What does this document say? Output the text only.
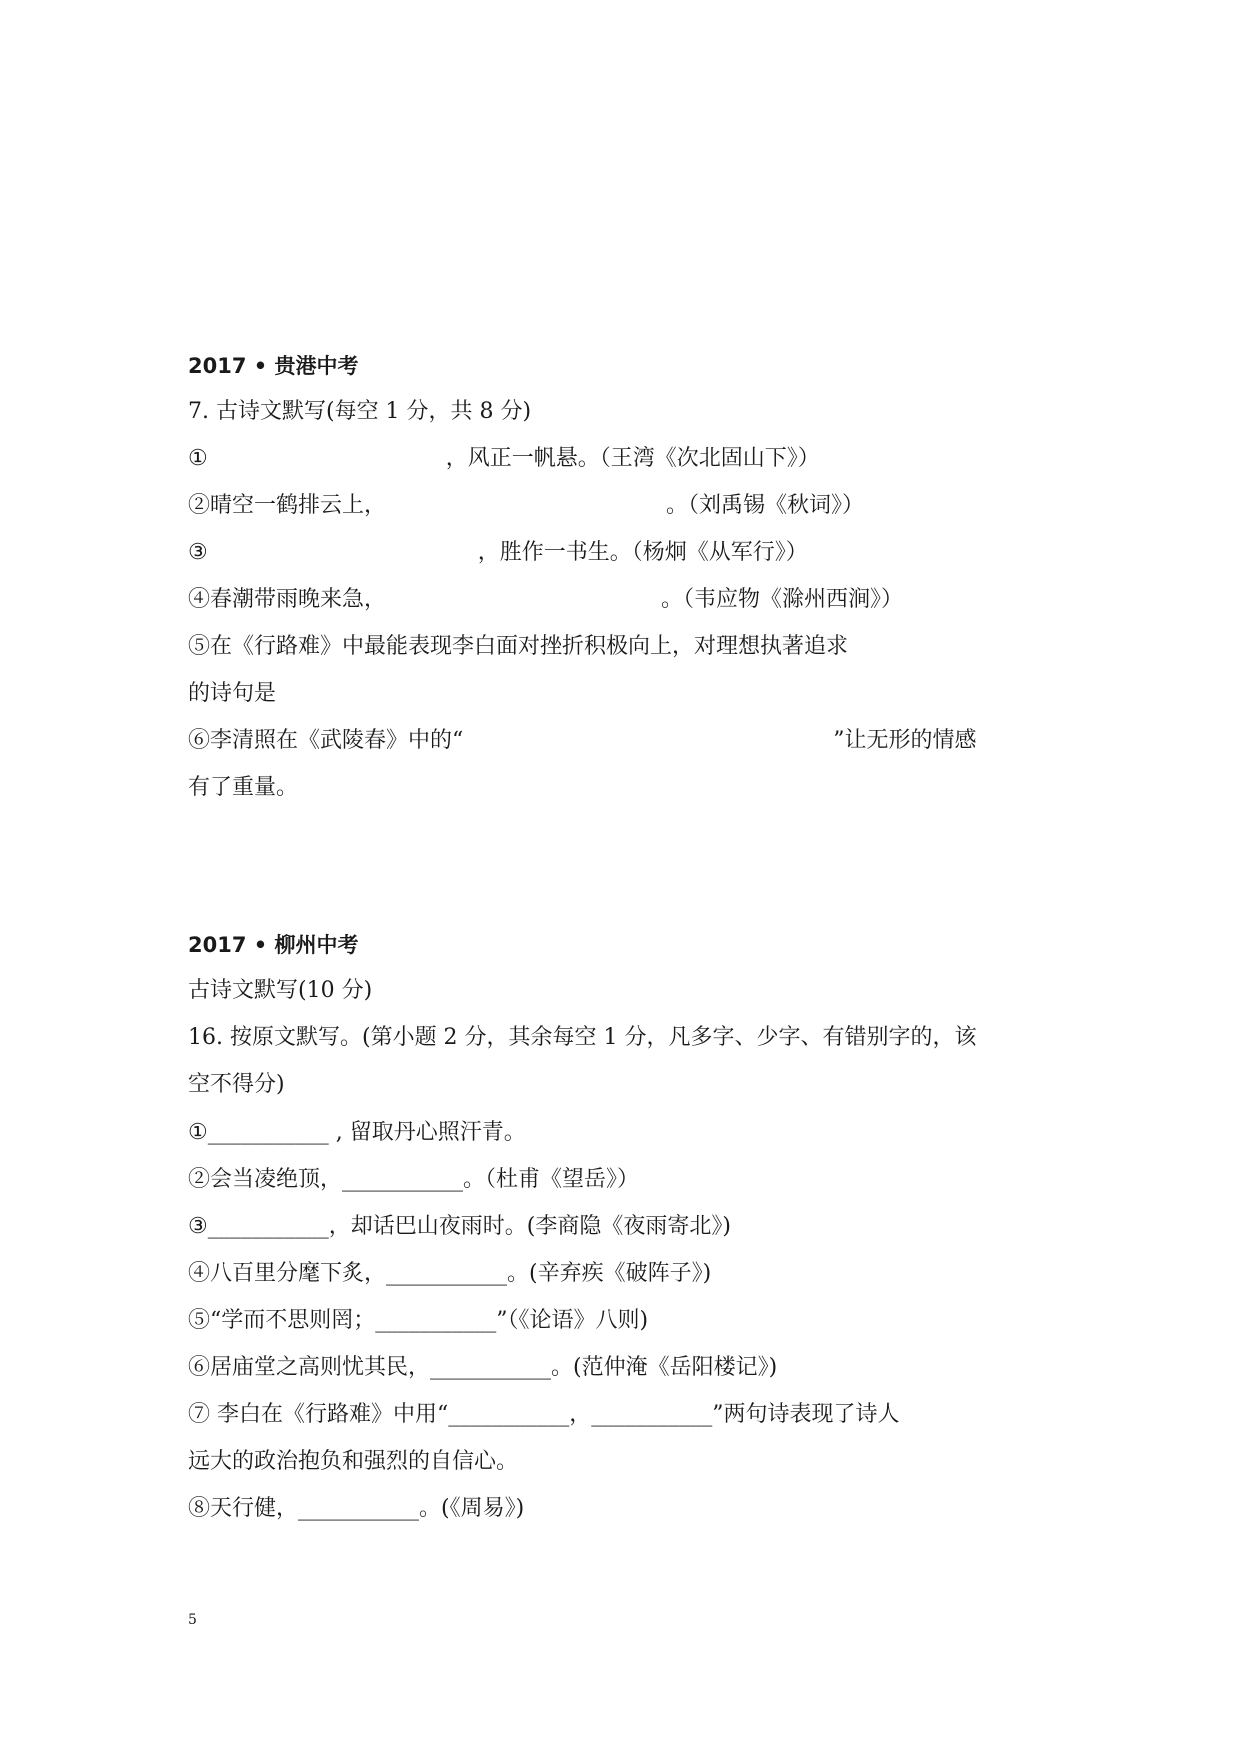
2017 • 贵港中考
7. 古诗文默写(每空 1 分，共 8 分)
①	，风正一帆悬。（王湾《次北固山下》）
②晴空一鹤排云上，	。（刘禹锡《秋词》）
③	，胜作一书生。（杨炯《从军行》）
④春潮带雨晚来急，	。（韦应物《滁州西涧》）
⑤在《行路难》中最能表现李白面对挫折积极向上，对理想执著追求
的诗句是
⑥李清照在《武陵春》中的“	”让无形的情感
有了重量。
2017 • 柳州中考
古诗文默写(10 分)
16. 按原文默写。(第小题 2 分，其余每空 1 分，凡多字、少字、有错别字的，该
空不得分)
①___________ , 留取丹心照汗青。
②会当凌绝顶，___________。（杜甫《望岳》）
③___________，却话巴山夜雨时。(李商隐《夜雨寄北》)
④八百里分麾下炙，___________。(辛弃疾《破阵子》)
⑤“学而不思则罔；___________”（《论语》八则)
⑥居庙堂之高则忧其民，___________。(范仲淹《岳阳楼记》)
⑦ 李白在《行路难》中用“___________，___________”两句诗表现了诗人
远大的政治抱负和强烈的自信心。
⑧天行健，___________。(《周易》)
5
